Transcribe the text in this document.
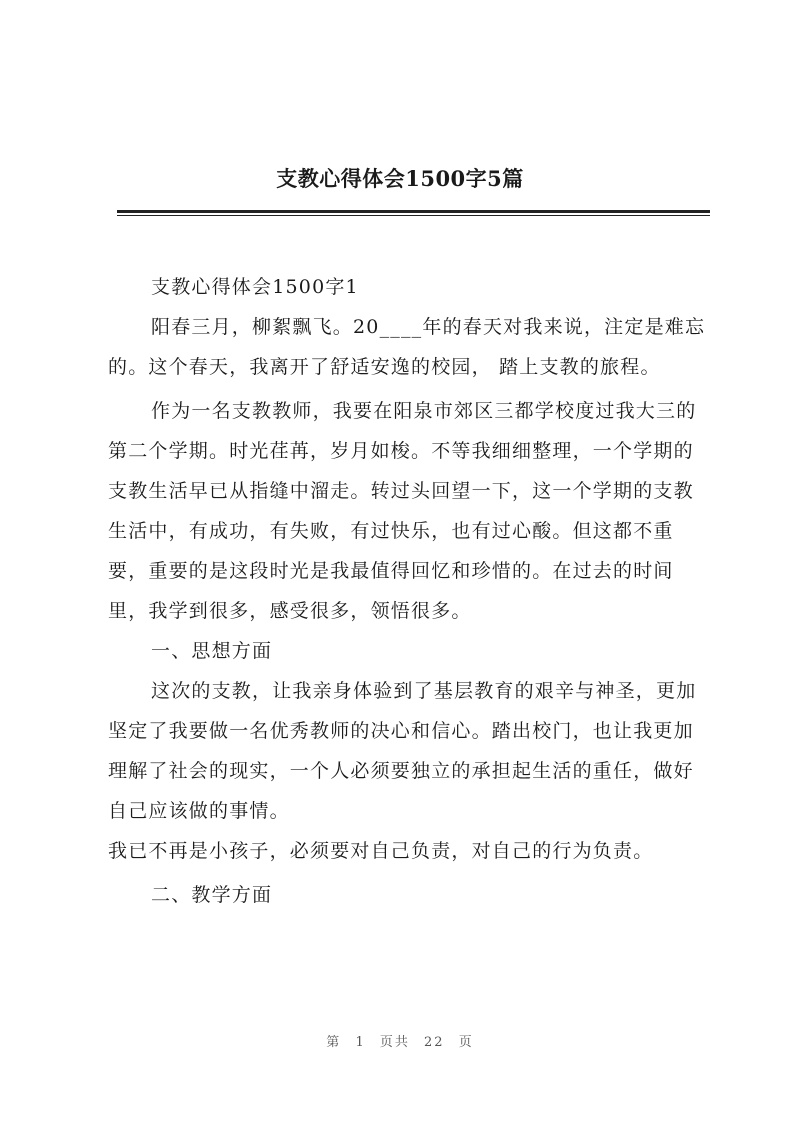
支教心得体会1500字5篇

支教心得体会1500字1

阳春三月，柳絮飘飞。20____年的春天对我来说，注定是难忘的。这个春天，我离开了舒适安逸的校园， 踏上支教的旅程。

作为一名支教教师，我要在阳泉市郊区三都学校度过我大三的第二个学期。时光荏苒，岁月如梭。不等我细细整理，一个学期的支教生活早已从指缝中溜走。转过头回望一下，这一个学期的支教生活中，有成功，有失败，有过快乐，也有过心酸。但这都不重要，重要的是这段时光是我最值得回忆和珍惜的。在过去的时间里，我学到很多，感受很多，领悟很多。

一、思想方面

这次的支教，让我亲身体验到了基层教育的艰辛与神圣，更加坚定了我要做一名优秀教师的决心和信心。踏出校门，也让我更加理解了社会的现实，一个人必须要独立的承担起生活的重任，做好自己应该做的事情。

我已不再是小孩子，必须要对自己负责，对自己的行为负责。

二、教学方面

第 1 页共 22 页
